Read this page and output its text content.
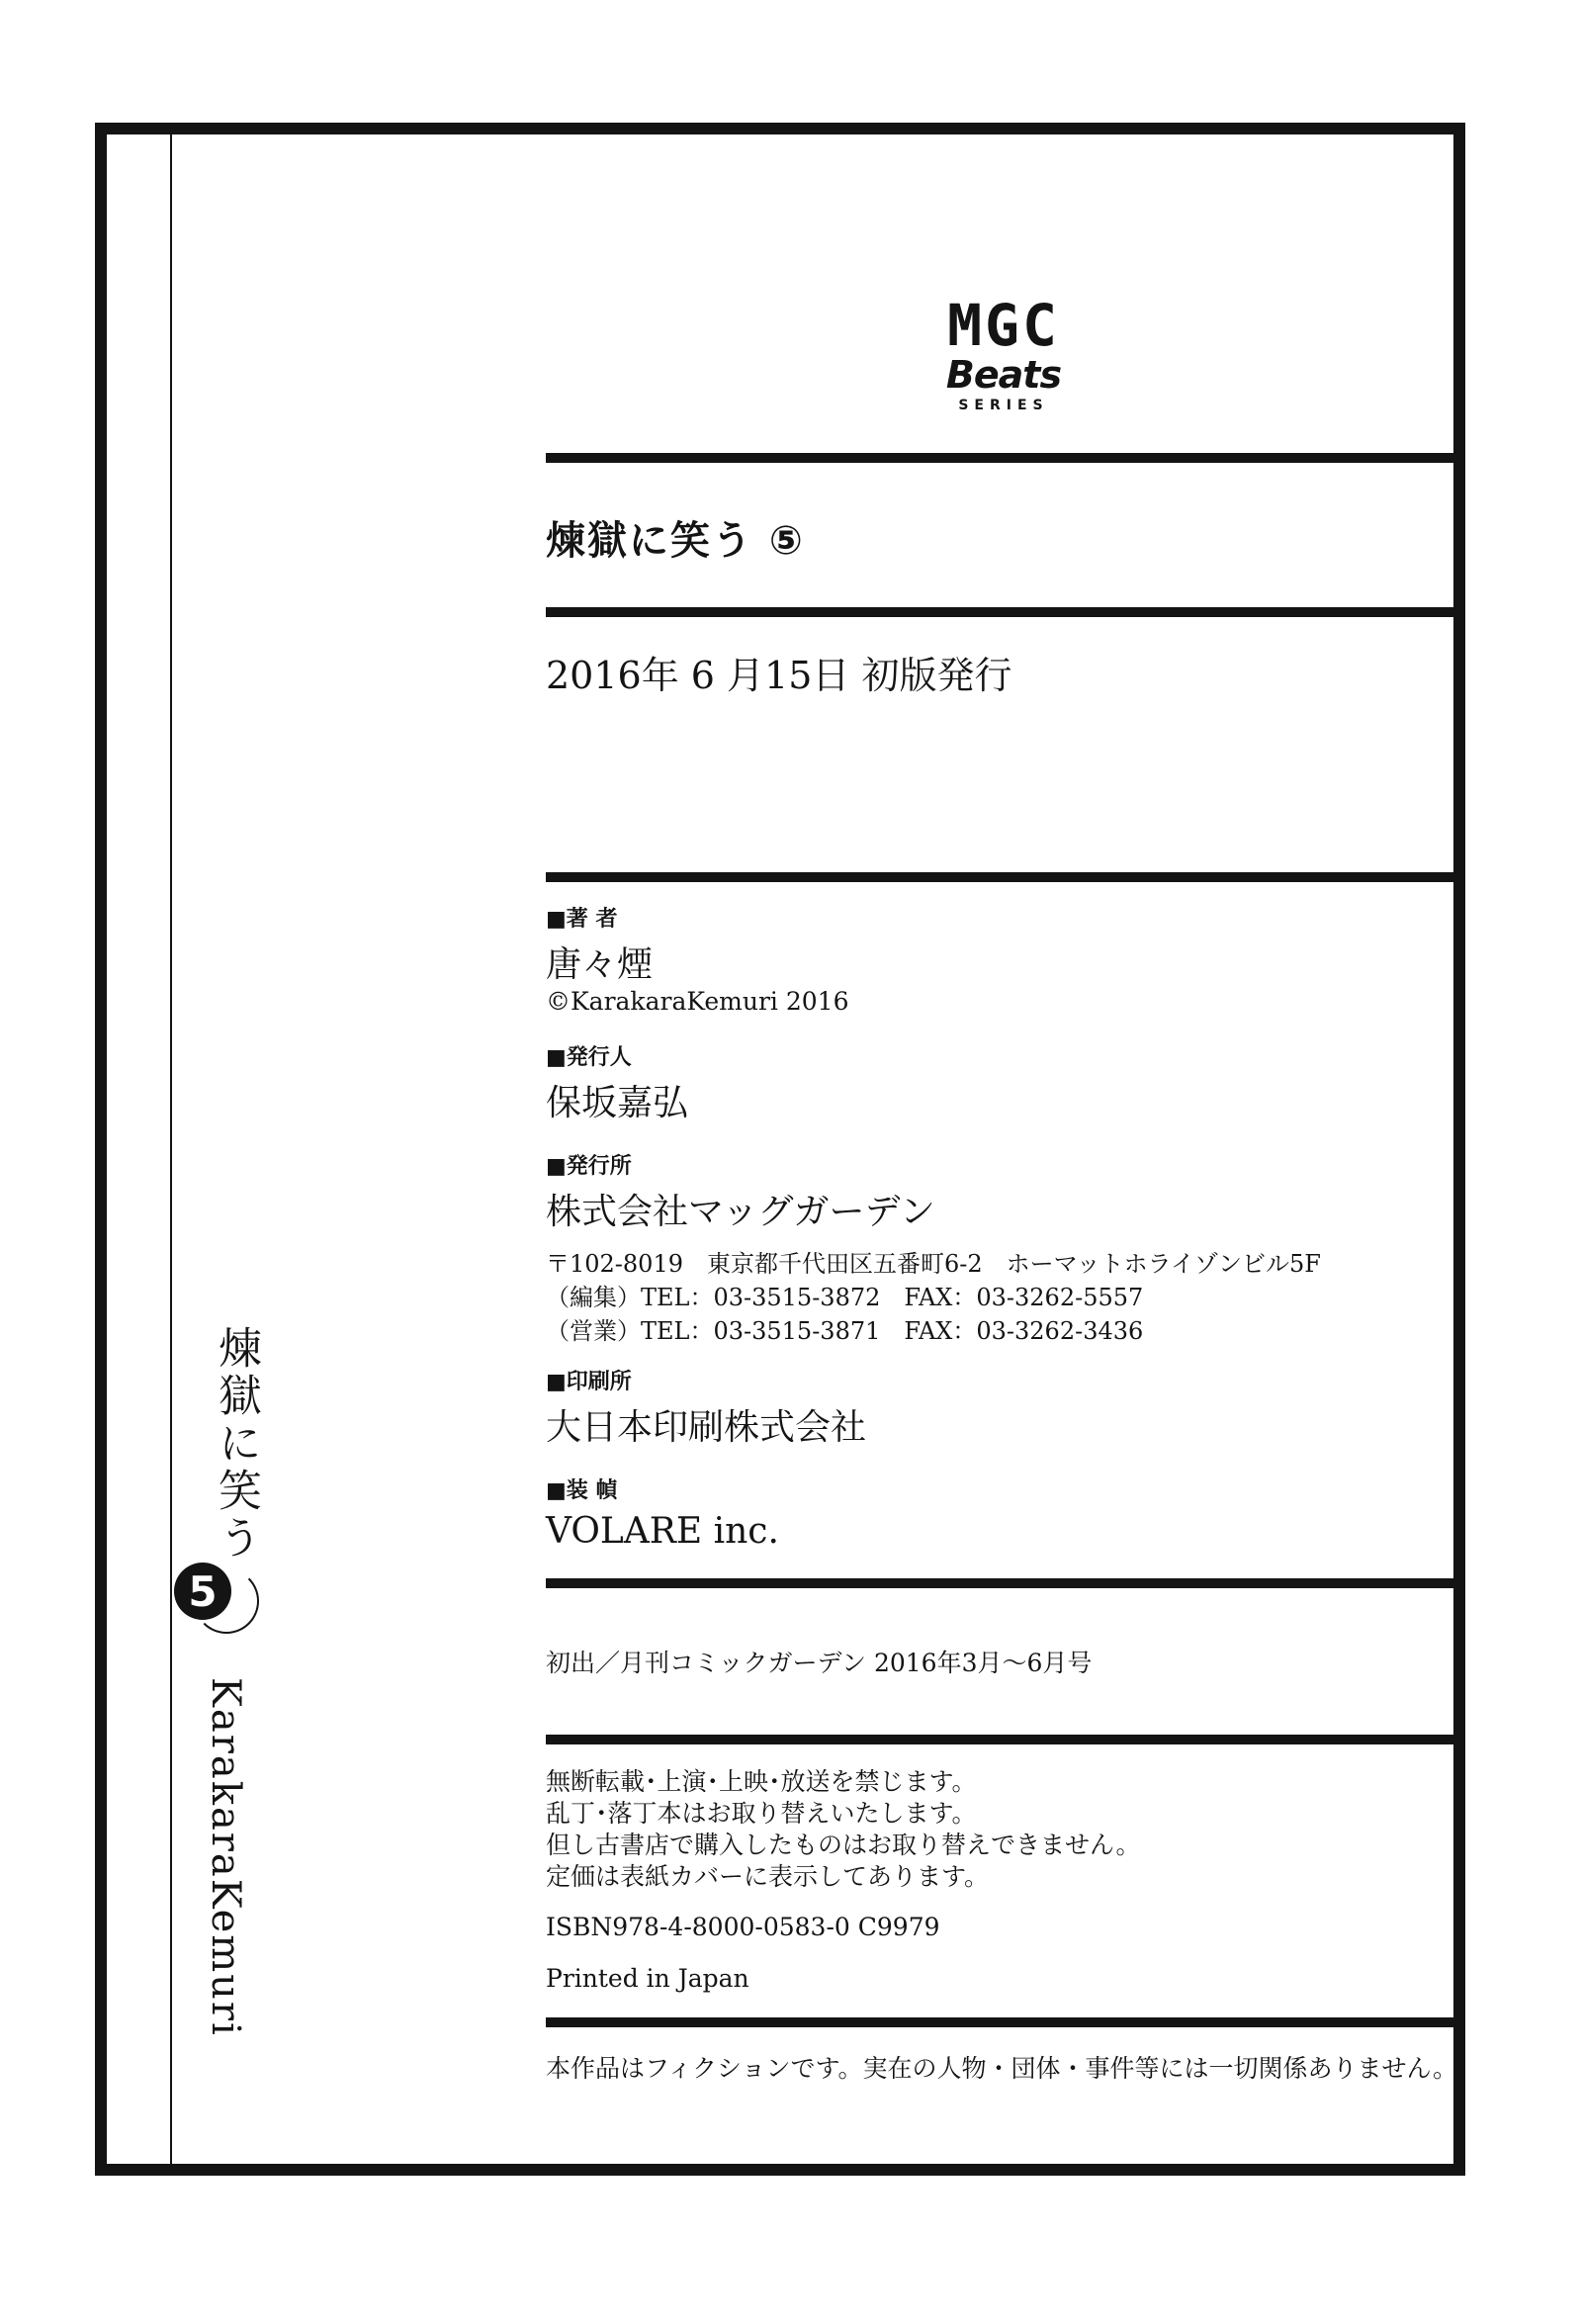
煉獄に笑う
5
KarakaraKemuri
MGC
Beats
SERIES
煉獄に笑う ⑤
2016年 6 月15日 初版発行
■著 者
唐々煙
©KarakaraKemuri 2016
■発行人
保坂嘉弘
■発行所
株式会社マッグガーデン
〒102-8019　東京都千代田区五番町6-2　ホーマットホライゾンビル5F
（編集）TEL：03-3515-3872　FAX：03-3262-5557
（営業）TEL：03-3515-3871　FAX：03-3262-3436
■印刷所
大日本印刷株式会社
■装 幀
VOLARE inc.
初出／月刊コミックガーデン 2016年3月～6月号
無断転載･上演･上映･放送を禁じます。
乱丁･落丁本はお取り替えいたします。
但し古書店で購入したものはお取り替えできません。
定価は表紙カバーに表示してあります。
ISBN978-4-8000-0583-0 C9979
Printed in Japan
本作品はフィクションです。実在の人物・団体・事件等には一切関係ありません。
